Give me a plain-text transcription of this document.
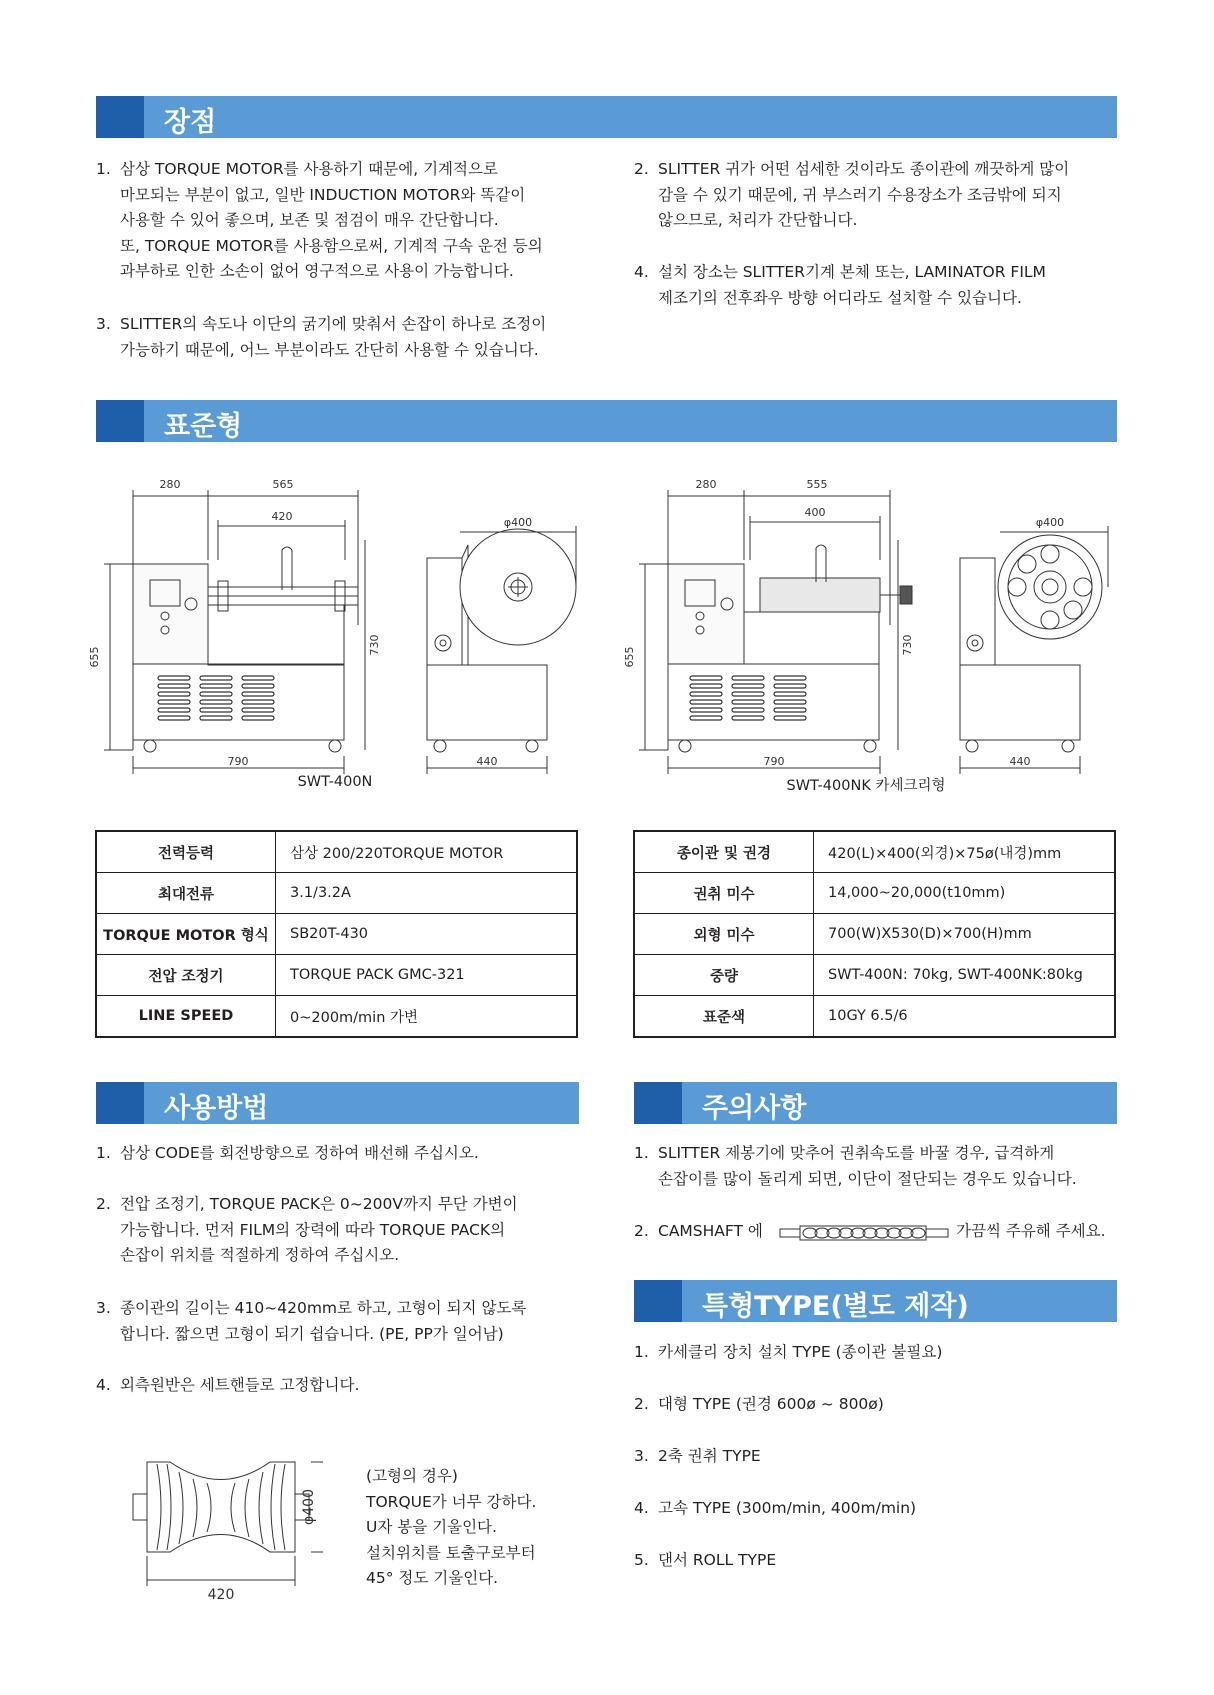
장점
1. 삼상 TORQUE MOTOR를 사용하기 때문에, 기계적으로
마모되는 부분이 없고, 일반 INDUCTION MOTOR와 똑같이
사용할 수 있어 좋으며, 보존 및 점검이 매우 간단합니다.
또, TORQUE MOTOR를 사용함으로써, 기계적 구속 운전 등의
과부하로 인한 소손이 없어 영구적으로 사용이 가능합니다.
3. SLITTER의 속도나 이단의 굵기에 맞춰서 손잡이 하나로 조정이
가능하기 때문에, 어느 부분이라도 간단히 사용할 수 있습니다.
2. SLITTER 귀가 어떤 섬세한 것이라도 종이관에 깨끗하게 많이
감을 수 있기 때문에, 귀 부스러기 수용장소가 조금밖에 되지
않으므로, 처리가 간단합니다.
4. 설치 장소는 SLITTER기계 본체 또는, LAMINATOR FILM
제조기의 전후좌우 방향 어디라도 설치할 수 있습니다.
표준형
280	565
420	φ400
655
730
790	440
280	555
400
φ400
655
730
790	440
SWT-400N	SWT-400NK 카세크리형
전력등력	삼상 200/220TORQUE MOTOR
최대전류	3.1/3.2A
TORQUE MOTOR 형식	SB20T-430
전압 조정기	TORQUE PACK GMC-321
LINE SPEED	0~200m/min 가변
종이관 및 권경	420(L)×400(외경)×75ø(내경)mm
권취 미수	14,000~20,000(t10mm)
외형 미수	700(W)X530(D)×700(H)mm
중량	SWT-400N: 70kg, SWT-400NK:80kg
표준색	10GY 6.5/6
사용방법
1. 삼상 CODE를 회전방향으로 정하여 배선해 주십시오.
2. 전압 조정기, TORQUE PACK은 0~200V까지 무단 가변이
가능합니다. 먼저 FILM의 장력에 따라 TORQUE PACK의
손잡이 위치를 적절하게 정하여 주십시오.
3. 종이관의 길이는 410~420mm로 하고, 고형이 되지 않도록
합니다. 짧으면 고형이 되기 쉽습니다. (PE, PP가 일어남)
4. 외측원반은 세트핸들로 고정합니다.
420
φ400
(고형의 경우)
TORQUE가 너무 강하다.
U자 봉을 기울인다.
설치위치를 토출구로부터
45° 정도 기울인다.
주의사항
1. SLITTER 제봉기에 맞추어 권취속도를 바꿀 경우, 급격하게
손잡이를 많이 돌리게 되면, 이단이 절단되는 경우도 있습니다.
2. CAMSHAFT 에	가끔씩 주유해 주세요.
특형TYPE(별도 제작)
1. 카세클리 장치 설치 TYPE (종이관 불필요)
2. 대형 TYPE (권경 600ø ~ 800ø)
3. 2축 권취 TYPE
4. 고속 TYPE (300m/min, 400m/min)
5. 댄서 ROLL TYPE
